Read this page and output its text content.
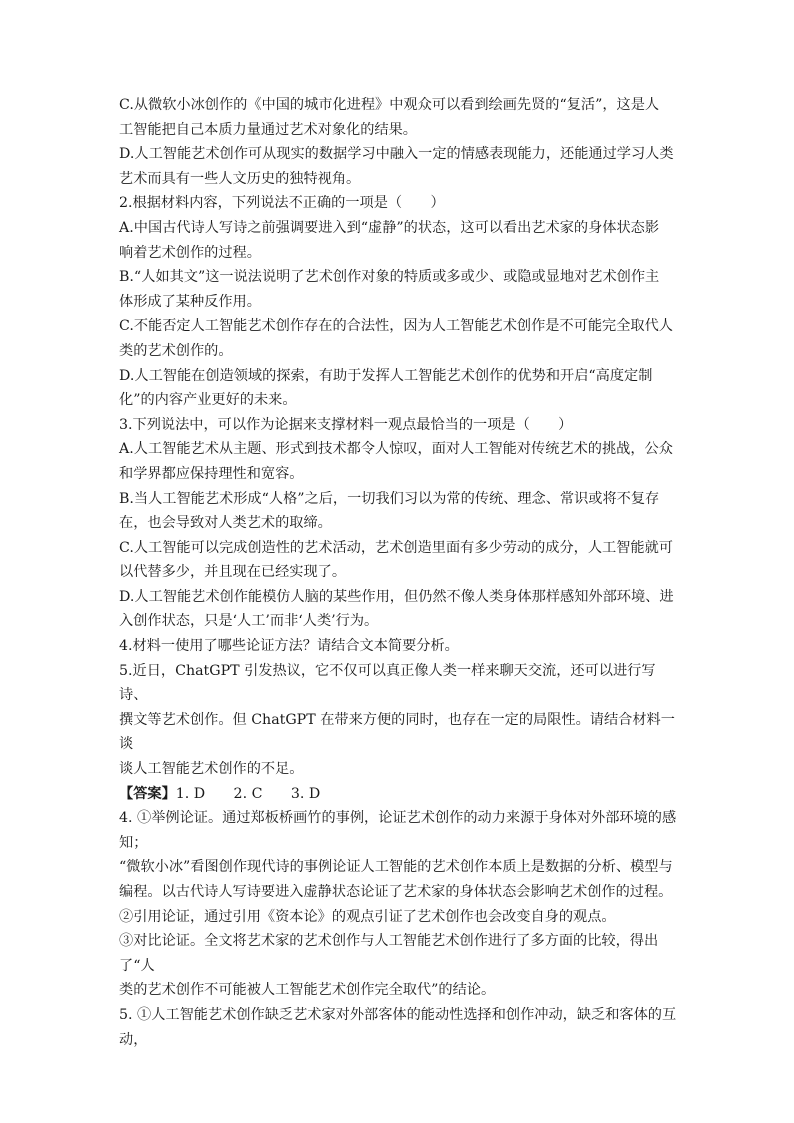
C.从微软小冰创作的《中国的城市化进程》中观众可以看到绘画先贤的“复活”，这是人

工智能把自己本质力量通过艺术对象化的结果。

D.人工智能艺术创作可从现实的数据学习中融入一定的情感表现能力，还能通过学习人类

艺术而具有一些人文历史的独特视角。

2.根据材料内容，下列说法不正确的一项是（　　）

A.中国古代诗人写诗之前强调要进入到“虚静”的状态，这可以看出艺术家的身体状态影

响着艺术创作的过程。

B.“人如其文”这一说法说明了艺术创作对象的特质或多或少、或隐或显地对艺术创作主

体形成了某种反作用。

C.不能否定人工智能艺术创作存在的合法性，因为人工智能艺术创作是不可能完全取代人

类的艺术创作的。

D.人工智能在创造领域的探索，有助于发挥人工智能艺术创作的优势和开启“高度定制

化”的内容产业更好的未来。

3.下列说法中，可以作为论据来支撑材料一观点最恰当的一项是（　　）

A.人工智能艺术从主题、形式到技术都令人惊叹，面对人工智能对传统艺术的挑战，公众

和学界都应保持理性和宽容。

B.当人工智能艺术形成“人格”之后，一切我们习以为常的传统、理念、常识或将不复存

在，也会导致对人类艺术的取缔。

C.人工智能可以完成创造性的艺术活动，艺术创造里面有多少劳动的成分，人工智能就可

以代替多少，并且现在已经实现了。

D.人工智能艺术创作能模仿人脑的某些作用，但仍然不像人类身体那样感知外部环境、进

入创作状态，只是‘人工’而非‘人类’行为。

4.材料一使用了哪些论证方法？请结合文本简要分析。

5.近日，ChatGPT 引发热议，它不仅可以真正像人类一样来聊天交流，还可以进行写诗、

撰文等艺术创作。但 ChatGPT 在带来方便的同时，也存在一定的局限性。请结合材料一谈

谈人工智能艺术创作的不足。

【答案】1. D　　2. C　　3. D

4. ①举例论证。通过郑板桥画竹的事例，论证艺术创作的动力来源于身体对外部环境的感知；

“微软小冰”看图创作现代诗的事例论证人工智能的艺术创作本质上是数据的分析、模型与

编程。以古代诗人写诗要进入虚静状态论证了艺术家的身体状态会影响艺术创作的过程。

②引用论证，通过引用《资本论》的观点引证了艺术创作也会改变自身的观点。

③对比论证。全文将艺术家的艺术创作与人工智能艺术创作进行了多方面的比较，得出了“人

类的艺术创作不可能被人工智能艺术创作完全取代”的结论。

5. ①人工智能艺术创作缺乏艺术家对外部客体的能动性选择和创作冲动，缺乏和客体的互动，
